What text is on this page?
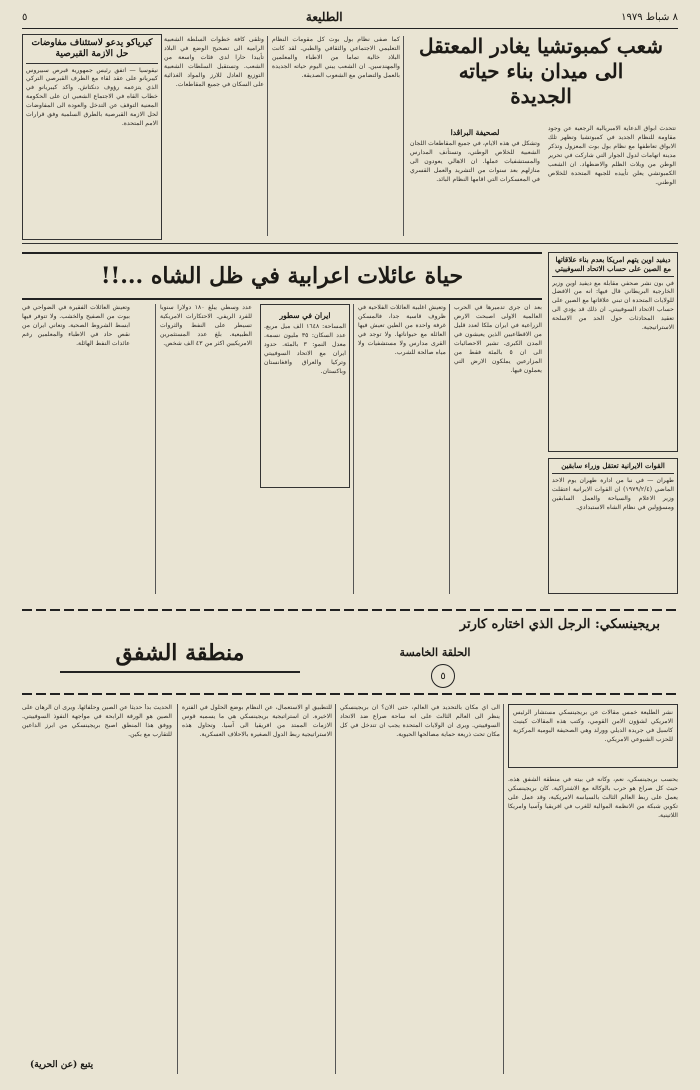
٨ شباط ١٩٧٩
الطليعة
٥
شعب كمبوتشيا يغادر المعتقل
الى ميدان بناء حياته
الجديدة
تتحدث ابواق الدعاية الامبريالية الرجعية عن وجود مقاومة للنظام الجديد في كمبوتشيا وتظهر تلك الابواق تعاطفها مع نظام بول بوت المعزول وتذكر مدينة اتهامات لدول الجوار التي شاركت في تحرير الوطن من ويلات الظلم والاضطهاد. ان الشعب الكمبوتشي يعلن تأييده للجبهة المتحدة للخلاص الوطني.
لصحيفة البراڤدا
وتشكل في هذه الايام، في جميع المقاطعات اللجان الشعبية للخلاص الوطني، وتستأنف المدارس والمستشفيات عملها. ان الاهالي يعودون الى منازلهم بعد سنوات من التشريد والعمل القسري في المعسكرات التي اقامها النظام البائد.
كما صفى نظام بول بوت كل مقومات النظام التعليمي الاجتماعي والثقافي والطبي. لقد كانت البلاد خالية تماما من الاطباء والمعلمين والمهندسين. ان الشعب يبني اليوم حياته الجديدة بالعمل والتضامن مع الشعوب الصديقة.
وتلقى كافة خطوات السلطة الشعبية الرامية الى تصحيح الوضع في البلاد تأييدا حارا لدى فئات واسعة من الشعب. وتستقبل السلطات الشعبية التوزيع العادل للارز والمواد الغذائية على السكان في جميع المقاطعات.
كيرياكو يدعو لاستئناف مفاوضات
حل الازمة القبرصية
نيقوسيا — اتفق رئيس جمهورية قبرص سبيروس كيبريانو على عقد لقاء مع الطرف القبرصي التركي الذي يتزعمه رؤوف دنكتاش. واكد كيبريانو في خطاب القاه في الاجتماع الشعبي ان على الحكومة المعنية التوقف عن التدخل والعودة الى المفاوضات لحل الازمة القبرصية بالطرق السلمية وفق قرارات الامم المتحدة.
حياة عائلات اعرابية في ظل الشاه ...!!
بعد ان جرى تدميرها في الحرب العالمية الاولى اصبحت الارض الزراعية في ايران ملكا لعدد قليل من الاقطاعيين الذين يعيشون في المدن الكبرى. تشير الاحصائيات الى ان ٥ بالمئة فقط من المزارعين يملكون الارض التي يعملون فيها.
وتعيش اغلبية العائلات الفلاحية في ظروف قاسية جدا، فالمسكن غرفة واحدة من الطين تعيش فيها العائلة مع حيواناتها. ولا توجد في القرى مدارس ولا مستشفيات ولا مياه صالحة للشرب.
ايران في سطور
المساحة: ١٦٤٨ الف ميل مربع. عدد السكان: ٣٥ مليون نسمة. معدل النمو: ٣ بالمئة. حدود ايران مع الاتحاد السوفييتي وتركيا والعراق وافغانستان وباكستان.
عدد وسطي يبلغ ١٨٠ دولارا سنويا للفرد الريفي. الاحتكارات الامريكية تسيطر على النفط والثروات الطبيعية. بلغ عدد المستثمرين الامريكيين اكثر من ٤٣ الف شخص.
وتعيش العائلات الفقيرة في الضواحي في بيوت من الصفيح والخشب. ولا تتوفر فيها ابسط الشروط الصحية. وتعاني ايران من نقص حاد في الاطباء والمعلمين رغم عائدات النفط الهائلة.
ديفيد اوين يتهم امريكا بعدم بناء علاقاتها مع الصين على حساب الاتحاد السوفييتي
في بون نشر صحفي مقابلة مع ديفيد اوين وزير الخارجية البريطاني قال فيها: انه من الافضل للولايات المتحدة ان تبني علاقاتها مع الصين على حساب الاتحاد السوفييتي. ان ذلك قد يؤدي الى تعقيد المحادثات حول الحد من الاسلحة الاستراتيجية.
القوات الايرانية تعتقل وزراء سابقين
طهران — في نبأ من ادارة طهران يوم الاحد الماضي (١٩٧٩/٢/٤) ان القوات الايرانية اعتقلت وزير الاعلام والسياحة والعمل السابقين ومسؤولين في نظام الشاه الاستبدادي.
بريجينسكي: الرجل الذي اختاره كارتر
الحلقة الخامسة
٥
منطقة الشفق
نشر الطليعة خمس مقالات عن بريجينسكي مستشار الرئيس الامريكي لشؤون الامن القومي، وكتب هذه المقالات كينيث كاسيل في جريدة الديلي وورلد وهي الصحيفة اليومية المركزية للحزب الشيوعي الامريكي.
يحسب بريجينسكي، نعم، وكانه في بيته في منطقة الشفق هذه. حيث كل صراع هو حرب بالوكالة مع الاشتراكية. كان بريجينسكي يعمل على ربط العالم الثالث بالسياسة الامريكية، وقد عمل على تكوين شبكة من الانظمة الموالية للغرب في افريقيا وآسيا وامريكا اللاتينية.
الى اي مكان بالتحديد في العالم، حتى الان؟ ان بريجينسكي ينظر الى العالم الثالث على انه ساحة صراع ضد الاتحاد السوفييتي. ويرى ان الولايات المتحدة يجب ان تتدخل في كل مكان تحت ذريعة حماية مصالحها الحيوية.
للتطبيق او الاستعمال، عن النظام بوضع الحلول في الفترة الاخيرة. ان استراتيجية بريجينسكي هي ما يسميه قوس الازمات الممتد من افريقيا الى آسيا. وتحاول هذه الاستراتيجية ربط الدول الصغيرة بالاحلاف العسكرية.
الحديث بدأ حديثا عن الصين وحلفائها. ويرى ان الرهان على الصين هو الورقة الرابحة في مواجهة النفوذ السوفييتي. ووفق هذا المنطق اصبح بريجينسكي من ابرز الداعين للتقارب مع بكين.
يتبع (عن الحرية)
